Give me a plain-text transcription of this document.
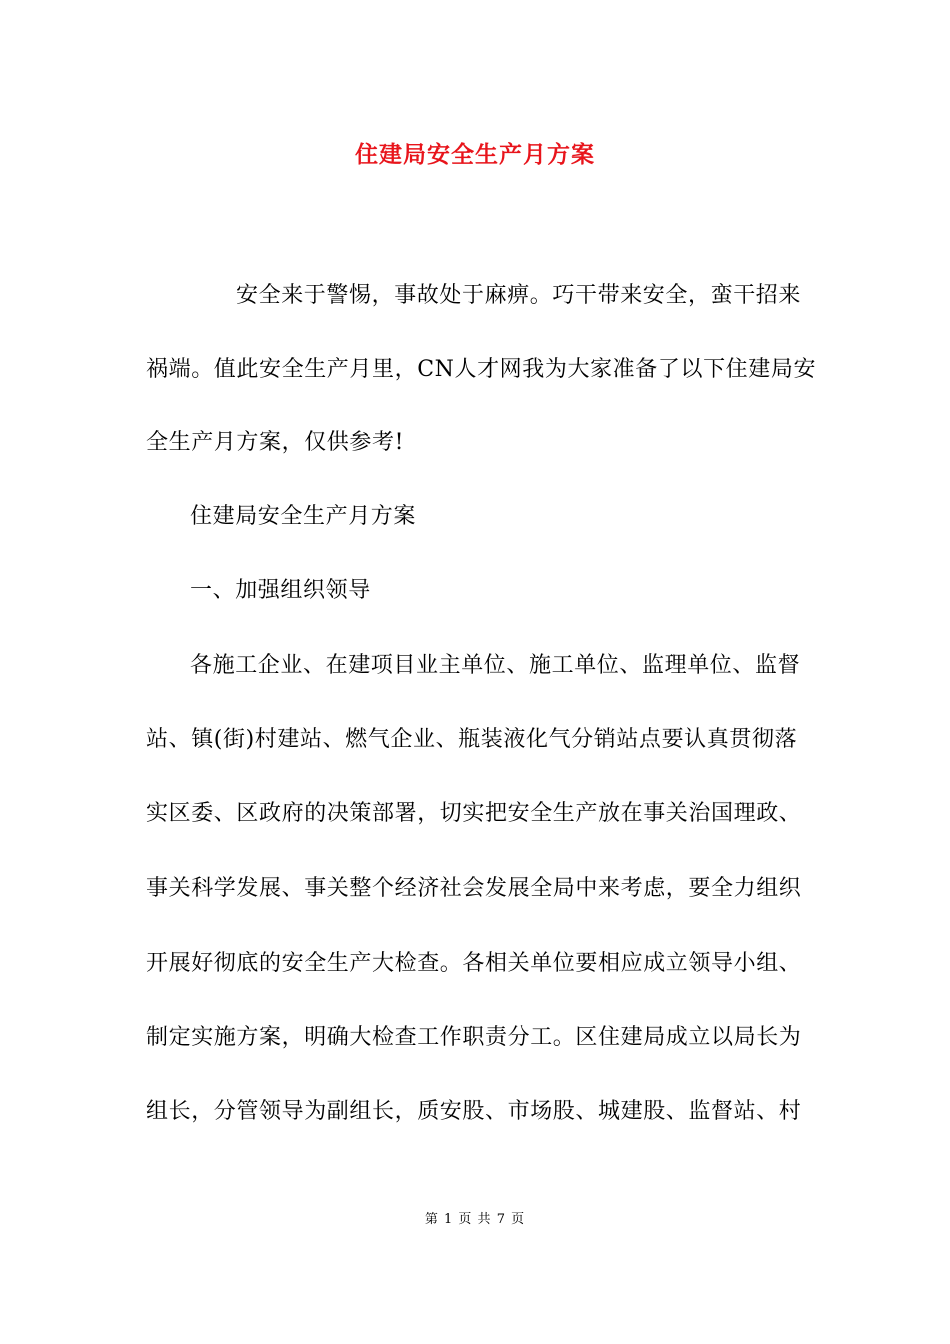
住建局安全生产月方案
安全来于警惕，事故处于麻痹。巧干带来安全，蛮干招来
祸端。值此安全生产月里，CN人才网我为大家准备了以下住建局安
全生产月方案，仅供参考!
住建局安全生产月方案
一、加强组织领导
各施工企业、在建项目业主单位、施工单位、监理单位、监督
站、镇(街)村建站、燃气企业、瓶装液化气分销站点要认真贯彻落
实区委、区政府的决策部署，切实把安全生产放在事关治国理政、
事关科学发展、事关整个经济社会发展全局中来考虑，要全力组织
开展好彻底的安全生产大检查。各相关单位要相应成立领导小组、
制定实施方案，明确大检查工作职责分工。区住建局成立以局长为
组长，分管领导为副组长，质安股、市场股、城建股、监督站、村
第 1 页 共 7 页
